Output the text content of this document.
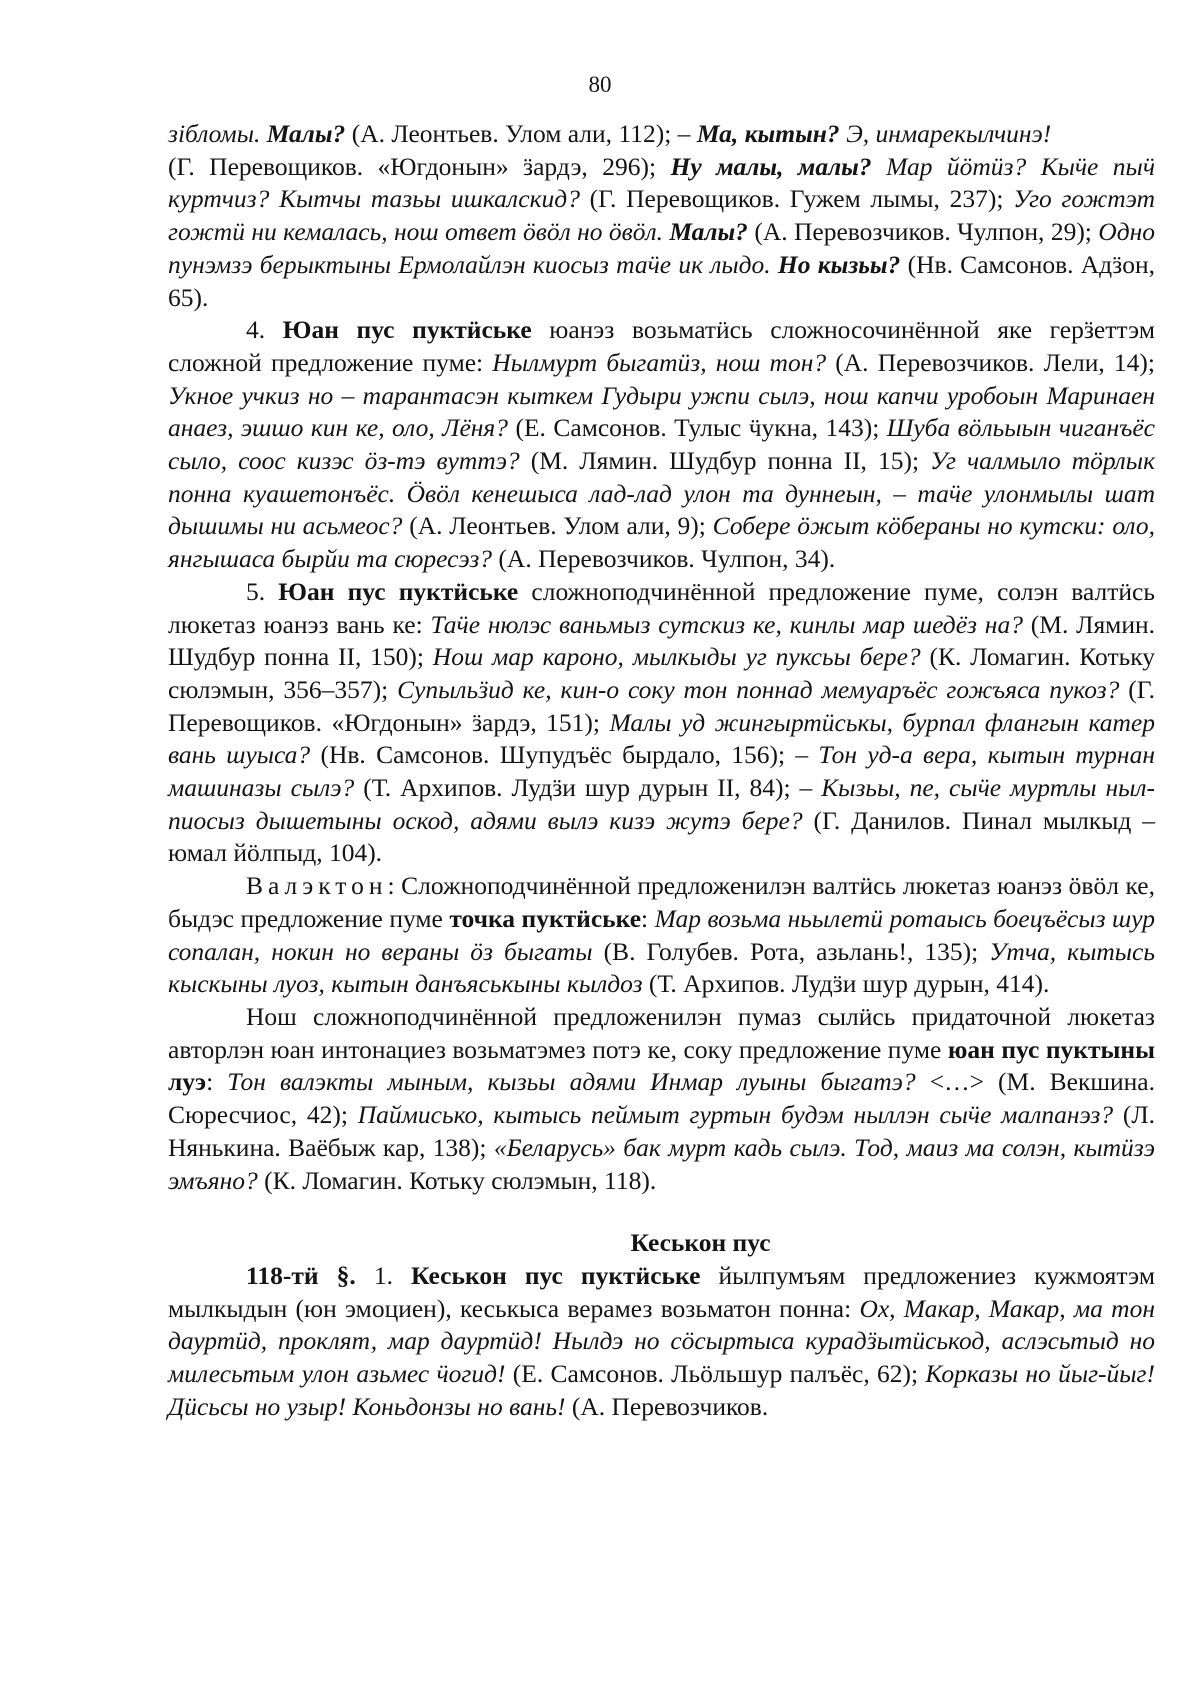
80

зібломы. Малы? (А. Леонтьев. Улом али, 112); – Ма, кытын? Э, инмарекылчинэ!

(Г. Перевощиков. «Югдонын» ӟардэ, 296); Ну малы, малы? Мар йӧтӥз? Кыӵе пыӵ куртчиз? Кытчы тазьы ишкалскид? (Г. Перевощиков. Гужем лымы, 237); Уго гожтэт гожтӥ ни кемалась, нош ответ ӧвӧл но ӧвӧл. Малы? (А. Перевозчиков. Чулпон, 29); Одно пунэмзэ берыктыны Ермолайлэн киосыз таӵе ик лыдо. Но кызьы? (Нв. Самсонов. Адӟон, 65).

4. Юан пус пуктӥське юанэз возьматӥсь сложносочинённой яке герӟеттэм сложной предложение пуме: Нылмурт быгатӥз, нош тон? (А. Перевозчиков. Лели, 14); Укное учкиз но – тарантасэн кыткем Гудыри ужпи сылэ, нош капчи уробоын Маринаен анаез, эшшо кин ке, оло, Лёня? (Е. Самсонов. Тулыс ӵукна, 143); Шуба вӧльыын чиганъёс сыло, соос кизэс ӧз-тэ вуттэ? (М. Лямин. Шудбур понна II, 15); Уг чалмыло тӧрлык понна куашетонъёс. Ӧвӧл кенешыса лад-лад улон та дуннеын, – таӵе улонмылы шат дышимы ни асьмеос? (А. Леонтьев. Улом али, 9); Собере ӧжыт кӧбераны но кутски: оло, янгышаса бырйи та сюресэз? (А. Перевозчиков. Чулпон, 34).

5. Юан пус пуктӥське сложноподчинённой предложение пуме, солэн валтӥсь люкетаз юанэз вань ке: Таӵе нюлэс ваньмыз сутскиз ке, кинлы мар шедёз на? (М. Лямин. Шудбур понна II, 150); Нош мар кароно, мылкыды уг пуксьы бере? (К. Ломагин. Котьку сюлэмын, 356–357); Супыльӟид ке, кин-о соку тон поннад мемуаръёс гожъяса пукоз? (Г. Перевощиков. «Югдонын» ӟардэ, 151); Малы уд жингыртӥськы, бурпал флангын катер вань шуыса? (Нв. Самсонов. Шупудъёс бырдало, 156); – Тон уд-а вера, кытын турнан машиназы сылэ? (Т. Архипов. Лудӟи шур дурын II, 84); – Кызьы, пе, сыӵе муртлы нылпиосыз дышетыны оскод, адями вылэ кизэ жутэ бере? (Г. Данилов. Пинал мылкыд – юмал йӧлпыд, 104).

Валэктон: Сложноподчинённой предложенилэн валтӥсь люкетаз юанэз ӧвӧл ке, быдэс предложение пуме точка пуктӥське: Мар возьма ньылетӥ ротаысь боецъёсыз шур сопалан, нокин но вераны ӧз быгаты (В. Голубев. Рота, азьлань!, 135); Утча, кытысь кыскыны луоз, кытын данъяськыны кылдоз (Т. Архипов. Лудӟи шур дурын, 414).

Нош сложноподчинённой предложенилэн пумаз сылӥсь придаточной люкетаз авторлэн юан интонациез возьматэмез потэ ке, соку предложение пуме юан пус пуктыны луэ: Тон валэкты мыным, кызьы адями Инмар луыны быгатэ? <…> (М. Векшина. Сюресчиос, 42); Паймисько, кытысь пеймыт гуртын будэм ныллэн сыӵе малпанэз? (Л. Нянькина. Ваёбыж кар, 138); «Беларусь» бак мурт кадь сылэ. Тод, маиз ма солэн, кытӥзэ эмъяно? (К. Ломагин. Котьку сюлэмын, 118).

Кеськон пус

118-тӥ §. 1. Кеськон пус пуктӥське йылпумъям предложениез кужмоятэм мылкыдын (юн эмоциен), кеськыса верамез возьматон понна: Ох, Макар, Макар, ма тон дауртӥд, проклят, мар дауртӥд! Нылдэ но сӧсыртыса курадӟытӥськод, аслэсьтыд но милесьтым улон азьмес ӵогид! (Е. Самсонов. Льӧльшур палъёс, 62); Корказы но йыг-йыг! Дӥсьсы но узыр! Коньдонзы но вань! (А. Перевозчиков.
